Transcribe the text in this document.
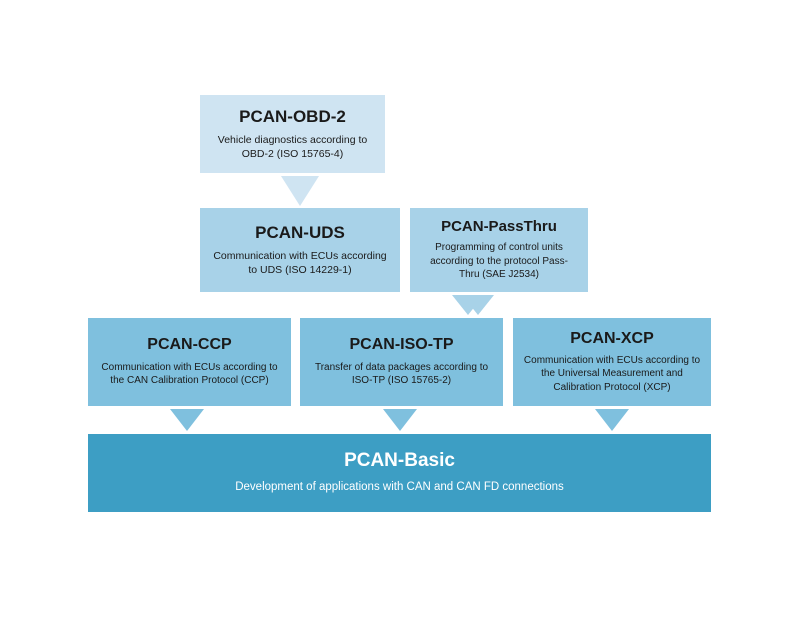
PCAN-OBD-2
Vehicle diagnostics according to OBD-2 (ISO 15765-4)
PCAN-UDS
Communication with ECUs according to UDS (ISO 14229-1)
PCAN-PassThru
Programming of control units according to the protocol Pass-Thru (SAE J2534)
PCAN-CCP
Communication with ECUs according to the CAN Calibration Protocol (CCP)
PCAN-ISO-TP
Transfer of data packages according to ISO-TP (ISO 15765-2)
PCAN-XCP
Communication with ECUs according to the Universal Measurement and Calibration Protocol (XCP)
PCAN-Basic
Development of applications with CAN and CAN FD connections
